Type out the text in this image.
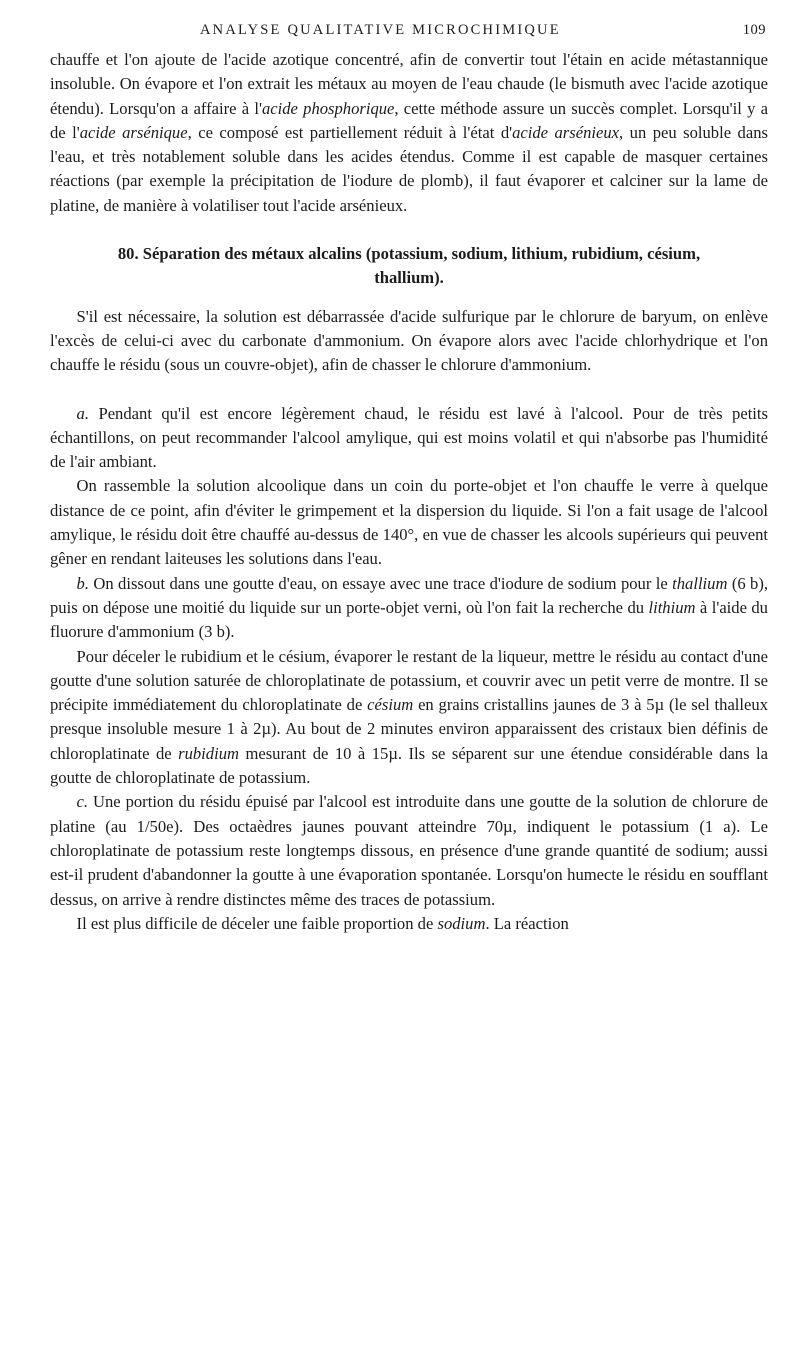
ANALYSE QUALITATIVE MICROCHIMIQUE	109

chauffe et l'on ajoute de l'acide azotique concentré, afin de convertir tout l'étain en acide métastannique insoluble. On évapore et l'on extrait les métaux au moyen de l'eau chaude (le bismuth avec l'acide azotique étendu). Lorsqu'on a affaire à l'acide phosphorique, cette méthode assure un succès complet. Lorsqu'il y a de l'acide arsénique, ce composé est partiellement réduit à l'état d'acide arsénieux, un peu soluble dans l'eau, et très notablement soluble dans les acides étendus. Comme il est capable de masquer certaines réactions (par exemple la précipitation de l'iodure de plomb), il faut évaporer et calciner sur la lame de platine, de manière à volatiliser tout l'acide arsénieux.

80. Séparation des métaux alcalins (potassium, sodium, lithium, rubidium, césium, thallium).

S'il est nécessaire, la solution est débarrassée d'acide sulfurique par le chlorure de baryum, on enlève l'excès de celui-ci avec du carbonate d'ammonium. On évapore alors avec l'acide chlorhydrique et l'on chauffe le résidu (sous un couvre-objet), afin de chasser le chlorure d'ammonium.

a. Pendant qu'il est encore légèrement chaud, le résidu est lavé à l'alcool. Pour de très petits échantillons, on peut recommander l'alcool amylique, qui est moins volatil et qui n'absorbe pas l'humidité de l'air ambiant.

On rassemble la solution alcoolique dans un coin du porte-objet et l'on chauffe le verre à quelque distance de ce point, afin d'éviter le grimpement et la dispersion du liquide. Si l'on a fait usage de l'alcool amylique, le résidu doit être chauffé au-dessus de 140°, en vue de chasser les alcools supérieurs qui peuvent gêner en rendant laiteuses les solutions dans l'eau.

b. On dissout dans une goutte d'eau, on essaye avec une trace d'iodure de sodium pour le thallium (6 b), puis on dépose une moitié du liquide sur un porte-objet verni, où l'on fait la recherche du lithium à l'aide du fluorure d'ammonium (3 b).

Pour déceler le rubidium et le césium, évaporer le restant de la liqueur, mettre le résidu au contact d'une goutte d'une solution saturée de chloroplatinate de potassium, et couvrir avec un petit verre de montre. Il se précipite immédiatement du chloroplatinate de césium en grains cristallins jaunes de 3 à 5µ (le sel thalleux presque insoluble mesure 1 à 2µ). Au bout de 2 minutes environ apparaissent des cristaux bien définis de chloroplatinate de rubidium mesurant de 10 à 15µ. Ils se séparent sur une étendue considérable dans la goutte de chloroplatinate de potassium.

c. Une portion du résidu épuisé par l'alcool est introduite dans une goutte de la solution de chlorure de platine (au 1/50e). Des octaèdres jaunes pouvant atteindre 70µ, indiquent le potassium (1 a). Le chloroplatinate de potassium reste longtemps dissous, en présence d'une grande quantité de sodium; aussi est-il prudent d'abandonner la goutte à une évaporation spontanée. Lorsqu'on humecte le résidu en soufflant dessus, on arrive à rendre distinctes même des traces de potassium.

Il est plus difficile de déceler une faible proportion de sodium. La réaction
